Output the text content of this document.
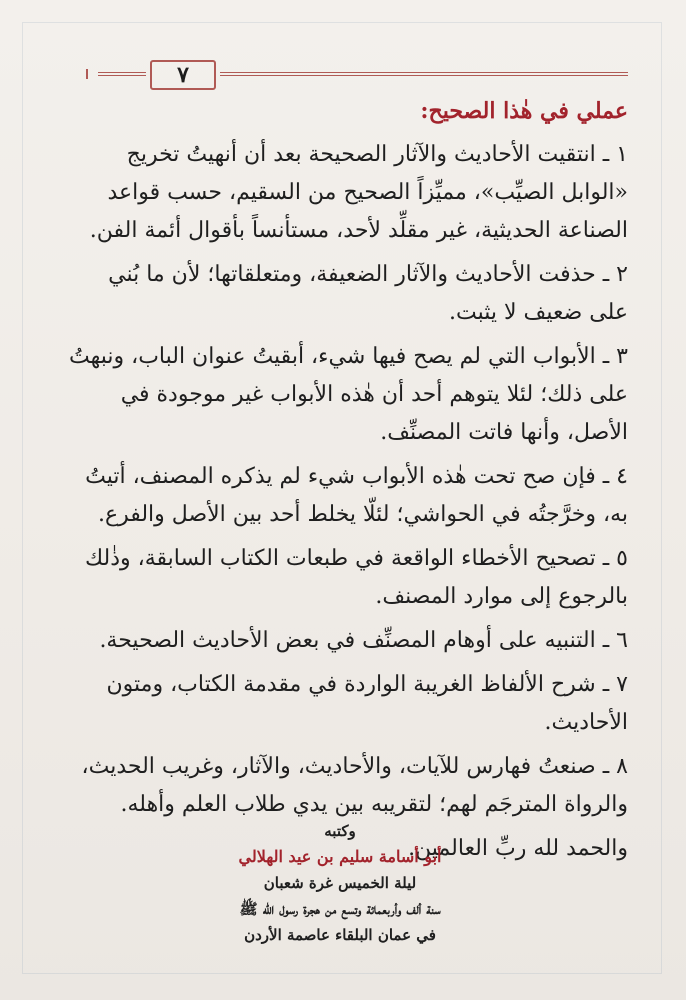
٧
عملي في هٰذا الصحيح:

١ ـ انتقيت الأحاديث والآثار الصحيحة بعد أن أنهيتُ تخريج «الوابل الصيِّب»، مميِّزاً الصحيح من السقيم، حسب قواعد الصناعة الحديثية، غير مقلِّد لأحد، مستأنساً بأقوال أئمة الفن.

٢ ـ حذفت الأحاديث والآثار الضعيفة، ومتعلقاتها؛ لأن ما بُني على ضعيف لا يثبت.

٣ ـ الأبواب التي لم يصح فيها شيء، أبقيتُ عنوان الباب، ونبهتُ على ذلك؛ لئلا يتوهم أحد أن هٰذه الأبواب غير موجودة في الأصل، وأنها فاتت المصنِّف.

٤ ـ فإن صح تحت هٰذه الأبواب شيء لم يذكره المصنف، أتيتُ به، وخرَّجتُه في الحواشي؛ لئلّا يخلط أحد بين الأصل والفرع.

٥ ـ تصحيح الأخطاء الواقعة في طبعات الكتاب السابقة، وذٰلك بالرجوع إلى موارد المصنف.

٦ ـ التنبيه على أوهام المصنِّف في بعض الأحاديث الصحيحة.

٧ ـ شرح الألفاظ الغريبة الواردة في مقدمة الكتاب، ومتون الأحاديث.

٨ ـ صنعتُ فهارس للآيات، والأحاديث، والآثار، وغريب الحديث، والرواة المترجَم لهم؛ لتقريبه بين يدي طلاب العلم وأهله.

والحمد لله ربِّ العالمين.
وكتبه
أبو أسامة سليم بن عيد الهلالي
ليلة الخميس غرة شعبان
سنة ألف وأربعمائة وتسع من هجرة رسول الله ﷺ
في عمان البلقاء عاصمة الأردن
